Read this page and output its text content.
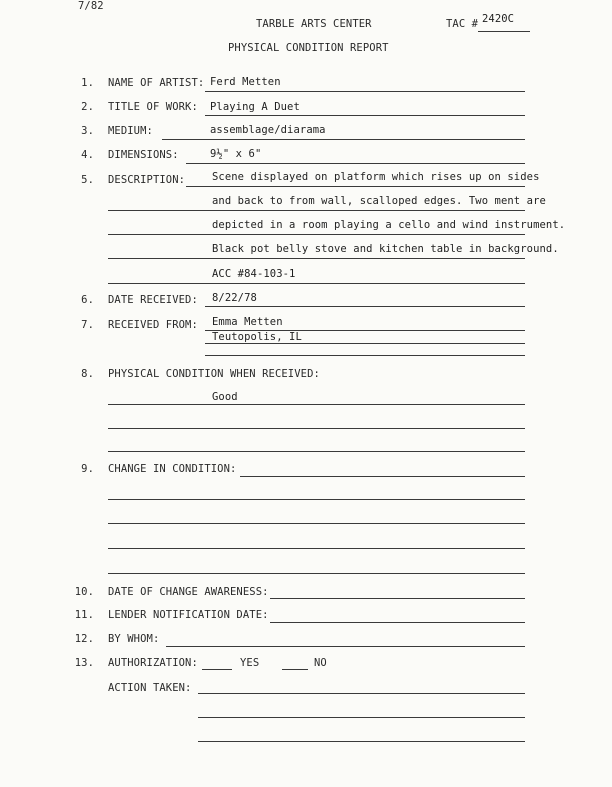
7/82
TARBLE ARTS CENTER	TAC # 2420C
PHYSICAL CONDITION REPORT
1. NAME OF ARTIST: Ferd Metten
2. TITLE OF WORK: Playing A Duet
3. MEDIUM:	assemblage/diarama
4. DIMENSIONS:	9½" x 6"
5. DESCRIPTION:	Scene displayed on platform which rises up on sides
and back to from wall, scalloped edges. Two ment are
depicted in a room playing a cello and wind instrument.
Black pot belly stove and kitchen table in background.
ACC #84-103-1
6. DATE RECEIVED: 8/22/78
7. RECEIVED FROM: Emma Metten
Teutopolis, IL
8. PHYSICAL CONDITION WHEN RECEIVED:
Good
9. CHANGE IN CONDITION:
10. DATE OF CHANGE AWARENESS:
11. LENDER NOTIFICATION DATE:
12. BY WHOM:
13. AUTHORIZATION:	YES	NO
ACTION TAKEN:
